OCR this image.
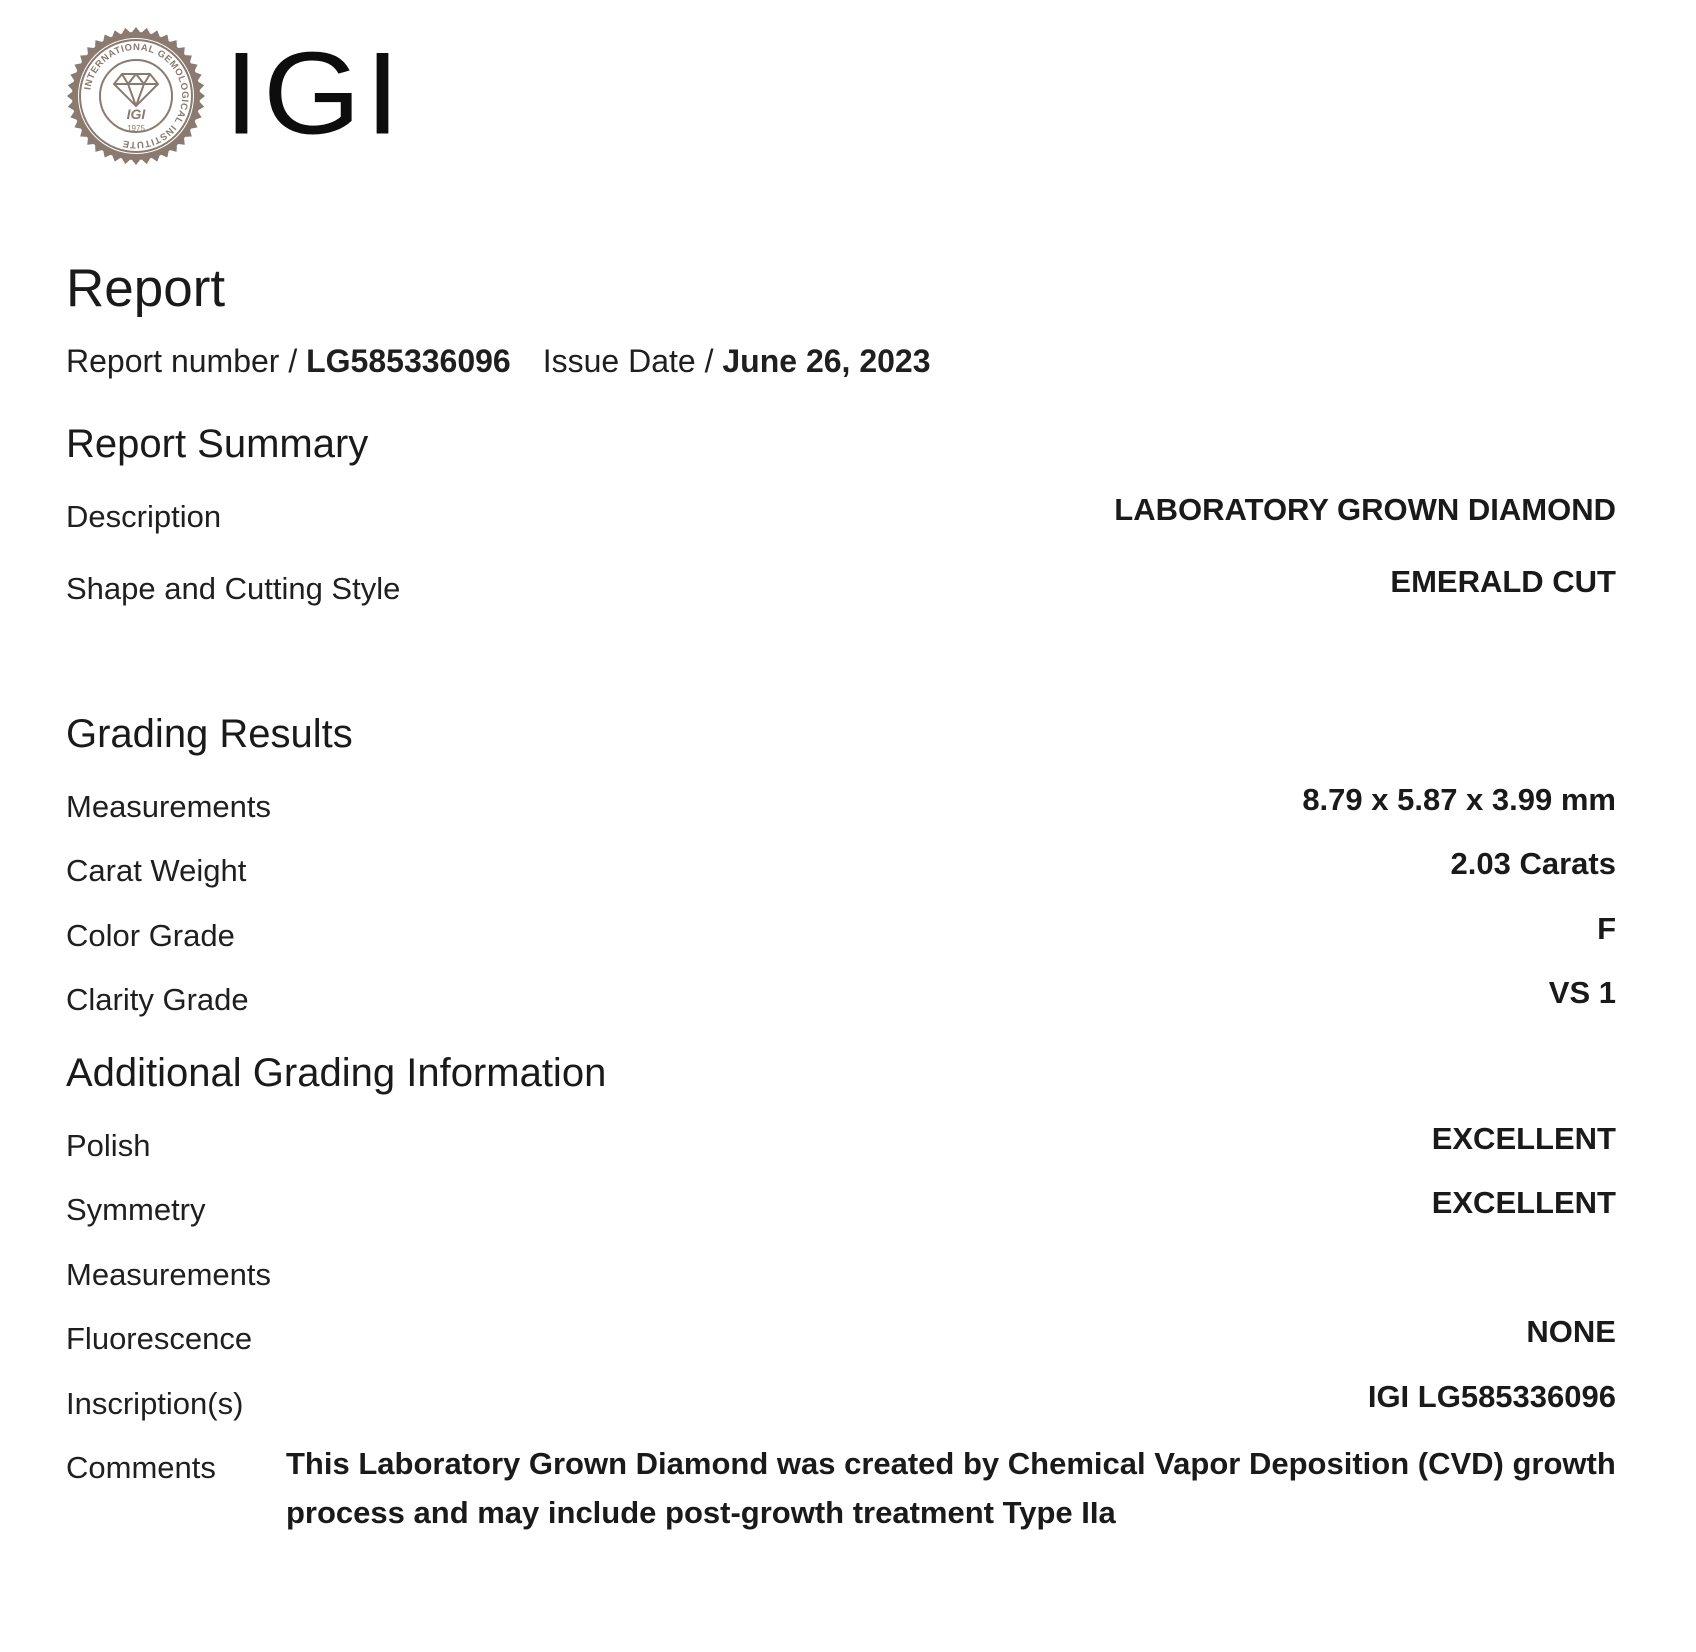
INTERNATIONAL GEMOLOGICAL INSTITUTE
IGI
1975 IGI
Report
Report number / LG585336096 Issue Date / June 26, 2023
Report Summary
Description	LABORATORY GROWN DIAMOND
Shape and Cutting Style	EMERALD CUT
Grading Results
Measurements	8.79 x 5.87 x 3.99 mm
Carat Weight	2.03 Carats
Color Grade	F
Clarity Grade	VS 1
Additional Grading Information
Polish	EXCELLENT
Symmetry	EXCELLENT
Measurements
Fluorescence	NONE
Inscription(s)	IGI LG585336096
Comments This Laboratory Grown Diamond was created by Chemical Vapor Deposition (CVD) growth process and may include post-growth treatment Type IIa
